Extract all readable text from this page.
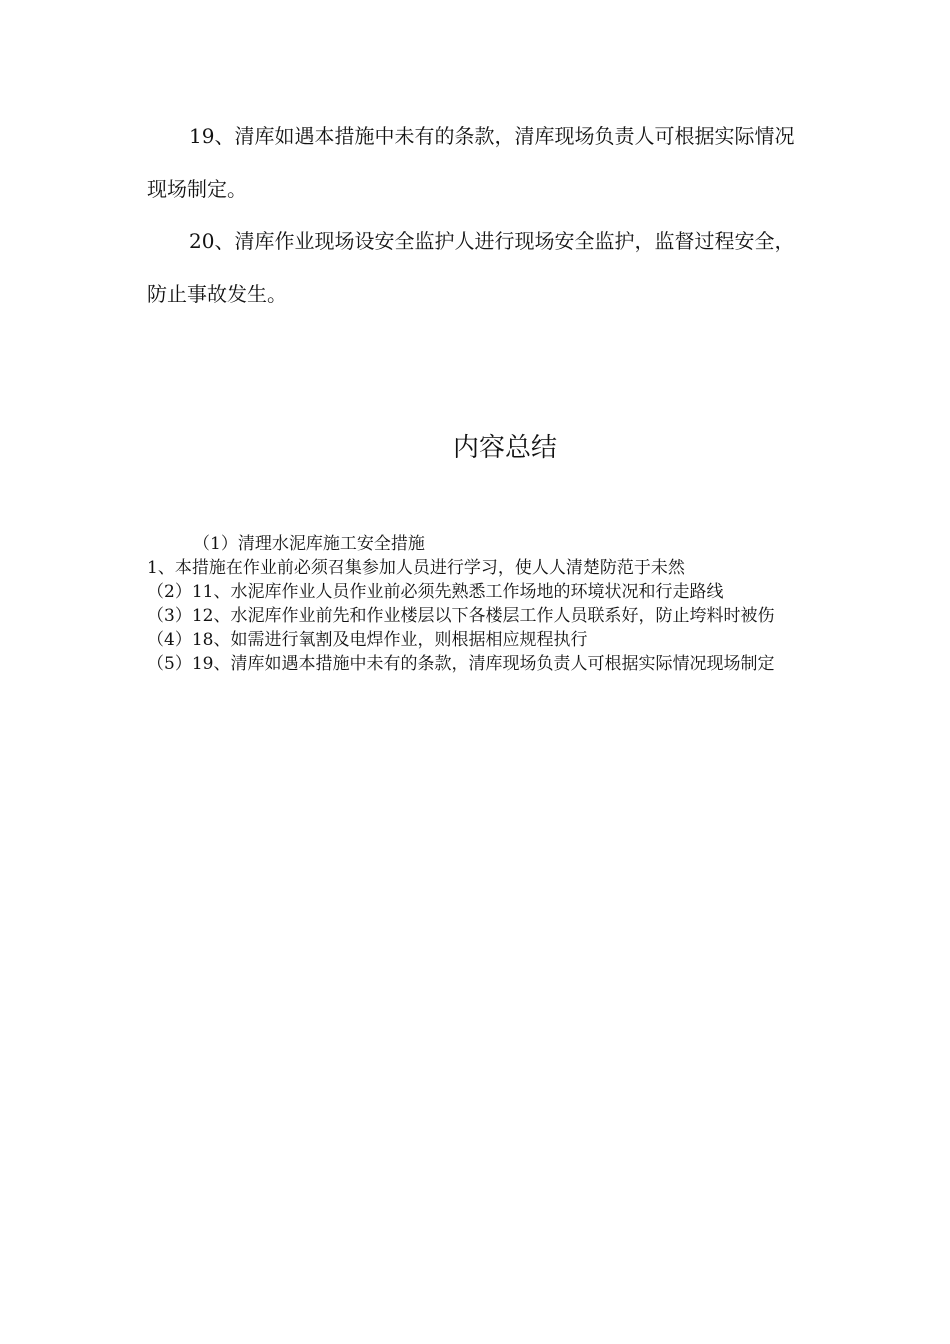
19、清库如遇本措施中未有的条款，清库现场负责人可根据实际情况现场制定。

20、清库作业现场设安全监护人进行现场安全监护，监督过程安全，防止事故发生。

内容总结
（1）清理水泥库施工安全措施
1、本措施在作业前必须召集参加人员进行学习，使人人清楚防范于未然
（2）11、水泥库作业人员作业前必须先熟悉工作场地的环境状况和行走路线
（3）12、水泥库作业前先和作业楼层以下各楼层工作人员联系好，防止垮料时被伤
（4）18、如需进行氧割及电焊作业，则根据相应规程执行
（5）19、清库如遇本措施中未有的条款，清库现场负责人可根据实际情况现场制定
